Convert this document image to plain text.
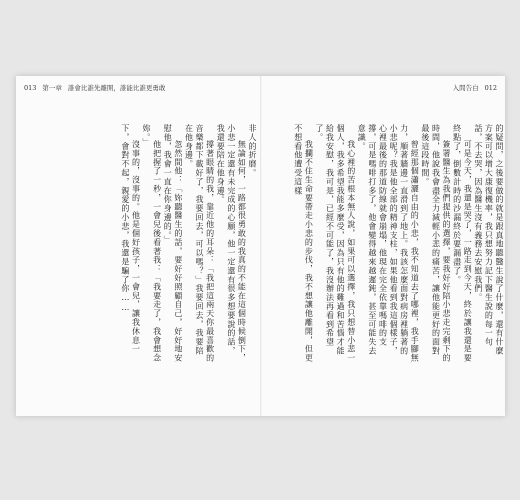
013 第一章 誰會比誰先離開，誰能比誰更勇敢	入間告白 012

非人的折磨。

無論如何，一路都很勇敢的我真的不能在這個時候倒下，小悲一定還有未完成的心願，他一定還有很多想要說的話，我還要陪在他身邊。

撐著眼睛的我，靠近他的耳朵：「我把這兩天你最喜歡的音樂都下載好了，我要回去，可以嗎？」我要回去，我要陪在他身邊。

忽然間他：「妳聽醫生的話，要好好照顧自己，好好地安慰他，我會一直在你身邊的。」

他把握了一秒，一會兒後看著我：「我要走了，我會想念妳。」

沒事的，沒事的。他是個好孩子，一會兒，讓我休息一下，會對不起，親愛的小悲，我還是騙了你……	的疑問，之後要做的就是跟真地聽醫生說了什麼，還有什麼方案可以增大康復機率，我只想努力記下醫生說的每一句話，不去哭，因為醫生沒有義務去安慰我們。

可是今天，我還是哭了，一路走到今天，終於讓我還是要終點了，倒數計時的沙漏終於要漏盡了。

簽署醫生為我們提供的選擇，要我好好陪小悲走完剩下的時間，他說我會盡全力減輕小悲的痛苦，讓他能更好的面對最後這段時間。

曾經那個瀟灑自由的小悲，我不知道去了哪裡，我手腳無力，順著牆邊一直滑到了地上。我該怎麼面對病房裡躺著的小悲呢？我是他全部的精神支柱，如果他看到我這個樣子，心裡最後的那道防線就會崩塌，他現在完全依靠嗎啡的支撐，可是嗎啡打多了，他會變得越來越遲鈍，甚至可能失去意識。

我心裡的苦根本無人說，如果可以選擇，我只想替小悲一個人，我多希望我能多麼受，因為只有他的難過和苦惱才能給我安慰，我可是，已經不可能了，我沒辦法再看到希望了。

我攔不住生命要帶走小悲的步伐，我不想讓他離開，但更不想看他遭受這樣
